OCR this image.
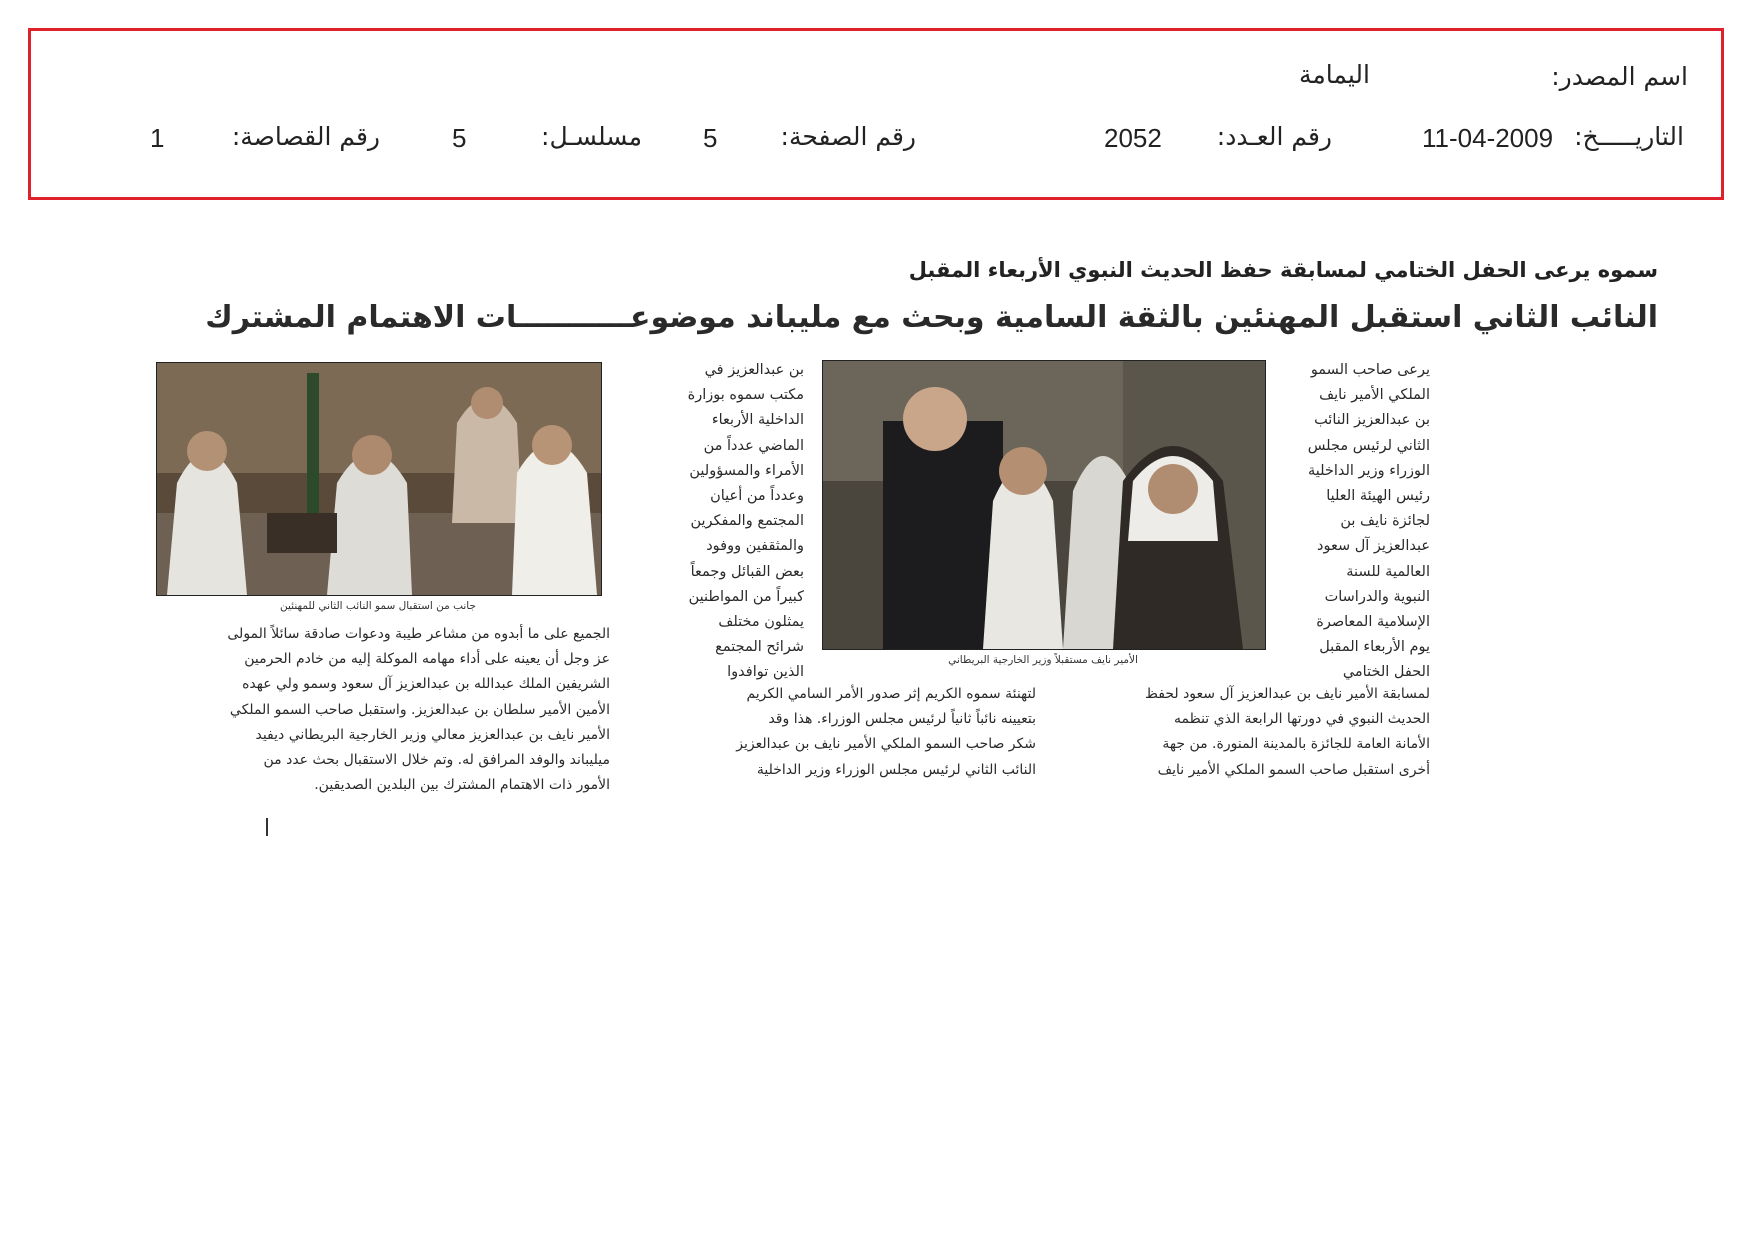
اسم المصدر:
اليمامة
التاريـــــخ:
11-04-2009
رقم العـدد:
2052
رقم الصفحة:
5
مسلسـل:
5
رقم القصاصة:
1
سموه يرعى الحفل الختامي لمسابقة حفظ الحديث النبوي الأربعاء المقبل
النائب الثاني استقبل المهنئين بالثقة السامية وبحث مع مليباند موضوعـــــــــــات الاهتمام المشترك
يرعى صاحب السمو
الملكي الأمير نايف
بن عبدالعزيز النائب
الثاني لرئيس مجلس
الوزراء وزير الداخلية
رئيس الهيئة العليا
لجائزة نايف بن
عبدالعزيز آل سعود
العالمية للسنة
النبوية والدراسات
الإسلامية المعاصرة
يوم الأربعاء المقبل
الحفل الختامي
الأمير نايف مستقبلاً وزير الخارجية البريطاني
بن عبدالعزيز في
مكتب سموه بوزارة
الداخلية الأربعاء
الماضي عدداً من
الأمراء والمسؤولين
وعدداً من أعيان
المجتمع والمفكرين
والمثقفين ووفود
بعض القبائل وجمعاً
كبيراً من المواطنين
يمثلون مختلف
شرائح المجتمع
الذين توافدوا
لمسابقة الأمير نايف بن عبدالعزيز آل سعود لحفظ
الحديث النبوي في دورتها الرابعة الذي تنظمه
الأمانة العامة للجائزة بالمدينة المنورة. من جهة
أخرى استقبل صاحب السمو الملكي الأمير نايف
لتهنئة سموه الكريم إثر صدور الأمر السامي الكريم
بتعيينه نائباً ثانياً لرئيس مجلس الوزراء. هذا وقد
شكر صاحب السمو الملكي الأمير نايف بن عبدالعزيز
النائب الثاني لرئيس مجلس الوزراء وزير الداخلية
جانب من استقبال سمو النائب الثاني للمهنئين
الجميع على ما أبدوه من مشاعر طيبة ودعوات صادقة سائلاً المولى
عز وجل أن يعينه على أداء مهامه الموكلة إليه من خادم الحرمين
الشريفين الملك عبدالله بن عبدالعزيز آل سعود وسمو ولي عهده
الأمين الأمير سلطان بن عبدالعزيز. واستقبل صاحب السمو الملكي
الأمير نايف بن عبدالعزيز معالي وزير الخارجية البريطاني ديفيد
ميليباند والوفد المرافق له. وتم خلال الاستقبال بحث عدد من
الأمور ذات الاهتمام المشترك بين البلدين الصديقين.
